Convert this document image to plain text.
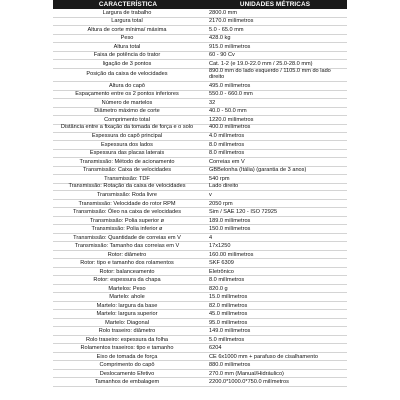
CARACTERÍSTICA	UNIDADES MÉTRICAS
Largura de trabalho	2800.0 mm
Largura total	2170.0 milímetros
Altura de corte mínima/ máxima	5.0 - 65.0 mm
Peso	428.0 kg
Altura total	915.0 milímetros
Faixa de potência do trator	60 - 90 Cv
ligação de 3 pontos	Cat. 1-2 (e 19.0-22.0 mm / 25.0-28.0 mm)
Posição da caixa de velocidades	890.0 mm do lado esquerdo / 1105.0 mm do lado direito
Altura do capô	495.0 milímetros
Espaçamento entre os 2 pontos inferiores	550.0 - 660.0 mm
Número de martelos	32
Diâmetro máximo de corte	40.0 - 50.0 mm
Comprimento total	1220.0 milímetros
Distância entre a fixação da tomada de força e o solo	400.0 milímetros
Espessura do capô principal	4.0 milímetros
Espessura dos lados	8.0 milímetros
Espessura das placas laterais	8.0 milímetros
Transmissão: Método de acionamento	Correias em V
Transmissão: Caixa de velocidades	GBBelonha (Itália) (garantia de 3 anos)
Transmissão: TDF	540 rpm
Transmissão: Rotação da caixa de velocidades	Lado direito
Transmissão: Roda livre	v
Transmissão: Velocidade do rotor RPM	2050 rpm
Transmissão: Óleo na caixa de velocidades	Sim / SAE 120 - ISO 72925
Transmissão: Polia superior ø	189.0 milímetros
Transmissão: Polia inferior ø	150.0 milímetros
Transmissão: Quantidade de correias em V	4
Transmissão: Tamanho das correias em V	17x1250
Rotor: diâmetro	160.00 milímetros
Rotor: tipo e tamanho dos rolamentos	SKF 6309
Rotor: balanceamento	Eletrônico
Rotor: espessura da chapa	8.0 milímetros
Martelos: Peso	820.0 g
Martelo: ahole	15.0 milímetros
Martelo: largura da base	82.0 milímetros
Martelo: largura superior	45.0 milímetros
Martelo: Diagonal	95.0 milímetros
Rolo traseiro: diâmetro	149.0 milímetros
Rolo traseiro: espessura da folha	5.0 milímetros
Rolamentos traseiros: tipo e tamanho	6204
Eixo de tomada de força	CE 6x1000 mm + parafuso de cisalhamento
Comprimento do capô	880.0 milímetros
Deslocamento Efetivo	270.0 mm (Manual/Hidráulico)
Tamanhos de embalagem	2200.0*1000.0*750.0 milímetros
